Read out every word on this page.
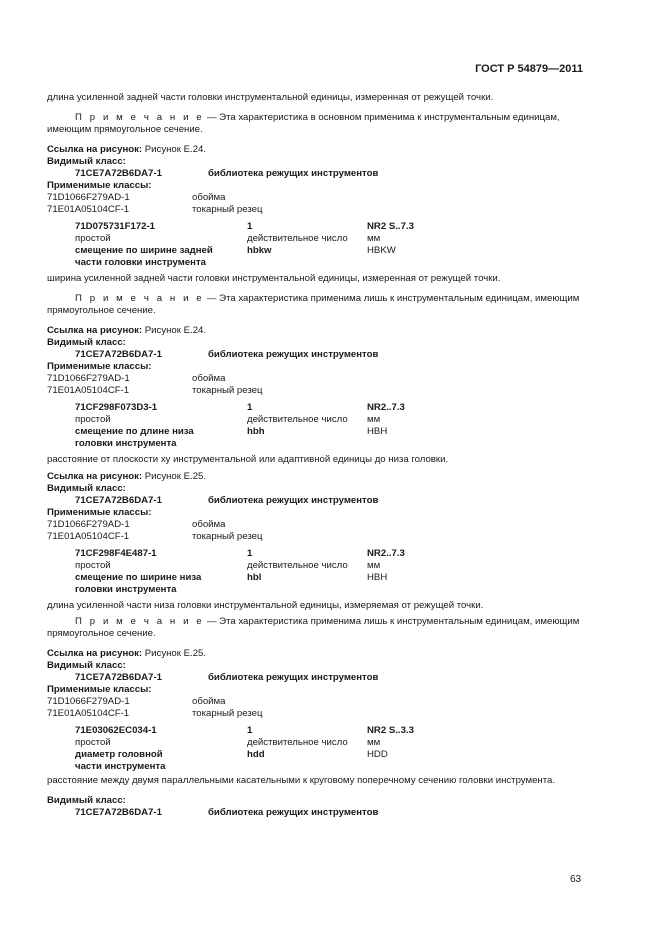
ГОСТ Р 54879—2011

длина усиленной задней части головки инструментальной единицы, измеренная от режущей точки.

П р и м е ч а н и е — Эта характеристика в основном применима к инструментальным единицам, имеющим прямоугольное сечение.

Ссылка на рисунок: Рисунок Е.24.
Видимый класс:
71CE7A72B6DA7-1	библиотека режущих инструментов
Применимые классы:
71D1066F279AD-1	обойма
71E01A05104CF-1	токарный резец
71D075731F172-1	1	NR2 S..7.3
простой	действительное число мм
смещение по ширине задней	hbkw	HBKW
части головки инструмента

ширина усиленной задней части головки инструментальной единицы, измеренная от режущей точки.

П р и м е ч а н и е — Эта характеристика применима лишь к инструментальным единицам, имеющим прямоугольное сечение.

Ссылка на рисунок: Рисунок Е.24.
Видимый класс:
71CE7A72B6DA7-1	библиотека режущих инструментов
Применимые классы:
71D1066F279AD-1	обойма
71E01A05104CF-1	токарный резец
71CF298F073D3-1	1	NR2..7.3
простой	действительное число мм
смещение по длине низа	hbh	HBH
головки инструмента

расстояние от плоскости xy инструментальной или адаптивной единицы до низа головки.

Ссылка на рисунок: Рисунок Е.25.
Видимый класс:
71CE7A72B6DA7-1	библиотека режущих инструментов
Применимые классы:
71D1066F279AD-1	обойма
71E01A05104CF-1	токарный резец
71CF298F4E487-1	1	NR2..7.3
простой	действительное число мм
смещение по ширине низа	hbl	HBH
головки инструмента

длина усиленной части низа головки инструментальной единицы, измеряемая от режущей точки.

П р и м е ч а н и е — Эта характеристика применима лишь к инструментальным единицам, имеющим прямоугольное сечение.

Ссылка на рисунок: Рисунок Е.25.
Видимый класс:
71CE7A72B6DA7-1	библиотека режущих инструментов
Применимые классы:
71D1066F279AD-1	обойма
71E01A05104CF-1	токарный резец
71E03062EC034-1	1	NR2 S..3.3
простой	действительное число мм
диаметр головной	hdd	HDD
части инструмента

расстояние между двумя параллельными касательными к круговому поперечному сечению головки инструмента.

Видимый класс:
71CE7A72B6DA7-1	библиотека режущих инструментов
63
